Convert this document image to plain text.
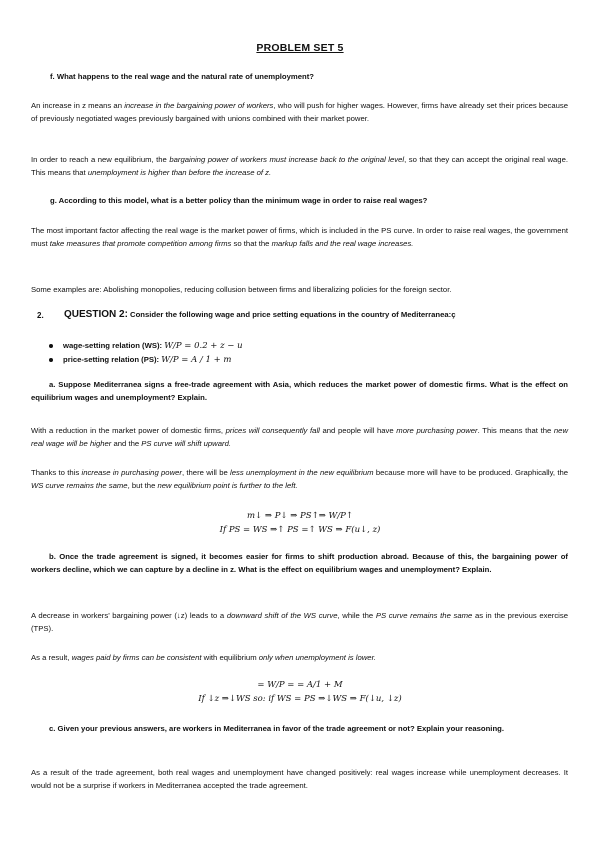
PROBLEM SET 5
f. What happens to the real wage and the natural rate of unemployment?

An increase in z means an increase in the bargaining power of workers, who will push for higher wages. However, firms have already set their prices because of previously negotiated wages previously bargained with unions combined with their market power.

In order to reach a new equilibrium, the bargaining power of workers must increase back to the original level, so that they can accept the original real wage. This means that unemployment is higher than before the increase of z.

g. According to this model, what is a better policy than the minimum wage in order to raise real wages?

The most important factor affecting the real wage is the market power of firms, which is included in the PS curve. In order to raise real wages, the government must take measures that promote competition among firms so that the markup falls and the real wage increases.

Some examples are: Abolishing monopolies, reducing collusion between firms and liberalizing policies for the foreign sector.

2. QUESTION 2: Consider the following wage and price setting equations in the country of Mediterranea:ç
wage-setting relation (WS): W/P = 0.2 + z − u
price-setting relation (PS): W/P = A / 1 + m

a. Suppose Mediterranea signs a free-trade agreement with Asia, which reduces the market power of domestic firms. What is the effect on equilibrium wages and unemployment? Explain.

With a reduction in the market power of domestic firms, prices will consequently fall and people will have more purchasing power. This means that the new real wage will be higher and the PS curve will shift upward.

Thanks to this increase in purchasing power, there will be less unemployment in the new equilibrium because more will have to be produced. Graphically, the WS curve remains the same, but the new equilibrium point is further to the left.

m↓ ⇒ P↓ ⇒ PS↑⇒ W/P↑
If PS = WS ⇒↑ PS =↑ WS ⇒ F(u↓, z)

b. Once the trade agreement is signed, it becomes easier for firms to shift production abroad. Because of this, the bargaining power of workers decline, which we can capture by a decline in z. What is the effect on equilibrium wages and unemployment? Explain.

A decrease in workers’ bargaining power (↓z) leads to a downward shift of the WS curve, while the PS curve remains the same as in the previous exercise (TPS).

As a result, wages paid by firms can be consistent with equilibrium only when unemployment is lower.

= W/P = = A/1 + M
If ↓z ⇒↓WS so: if WS = PS ⇒↓WS ⇒ F(↓u, ↓z)

c. Given your previous answers, are workers in Mediterranea in favor of the trade agreement or not? Explain your reasoning.

As a result of the trade agreement, both real wages and unemployment have changed positively: real wages increase while unemployment decreases. It would not be a surprise if workers in Mediterranea accepted the trade agreement.
